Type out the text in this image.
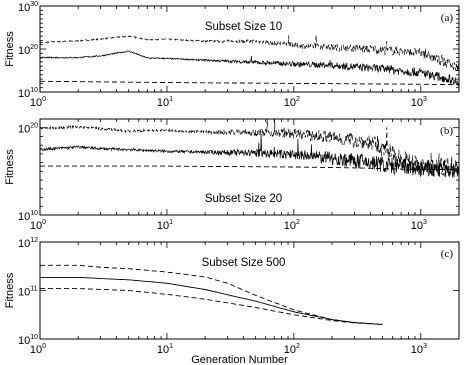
$10^0$	$10^1$	$10^2$	$10^3$
$10^{10}$
$10^{20}$
$10^{30}$
Fitness
Subset Size 10
(a)
$10^0$	$10^1$	$10^2$	$10^3$
$10^{10}$
$10^{20}$
Fitness
Subset Size 20
(b)
$10^0$	$10^1$	$10^2$	$10^3$
$10^{10}$
$10^{11}$
$10^{12}$
Fitness
Subset Size 500
(c)
Generation Number
